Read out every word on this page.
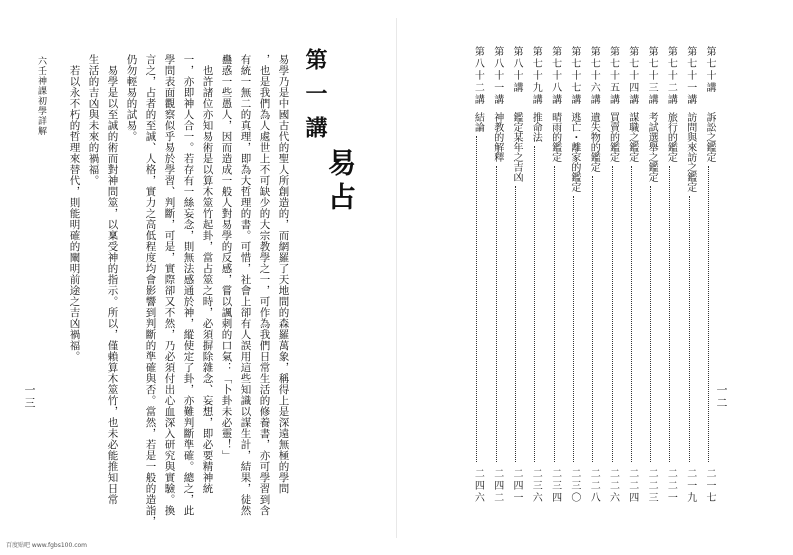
第一講
易占
易學乃是中國古代的聖人所創造的，而網羅了天地間的森羅萬象，稱得上是深遠無極的學問
，也是我們為人處世上不可缺少的大宗教學之一，可作為我們日常生活的修養書，亦可學習到含
有統一無二的真理，即為大哲理的書。可惜，社會上卻有人誤用這些知識以謀生計，結果，徒然
蠱惑一些愚人，因而造成一般人對易學的反感，嘗以諷刺的口氣：「卜卦未必靈！」
　也許諸位亦知易術是以算木筮竹起卦，當占筮之時，必須摒除雜念、妄想，即必要精神統
一，亦即神人合一。若存有一絲妄念，則無法感通於神，縱使定了卦，亦難判斷準確。總之，此
學問表面觀察似乎易於學習、判斷，可是，實際卻又不然，乃必須付出心血深入研究與實驗。換
言之，占者的至誠、人格，實力之高低程度均會影響到判斷的準確與否。當然，若是一般的造詣，
仍勿輕易的試易。
　易學是以至誠的術而對神問筮，以稟受神的指示。所以，僅賴算木筮竹，也未必能推知日常
生活的吉凶與未來的禍福。
　若以永不朽的哲理來替代，則能明確的闡明前途之吉凶禍福。
六壬神課初學詳解
一三	一二
第七十講
訴訟之鑑定
二一七
第七十一講
訪問與來訪之鑑定
二一九
第七十二講
旅行的鑑定
二二一
第七十三講
考試選舉之鑑定
二二三
第七十四講
謀職之鑑定
二二四
第七十五講
買賣的鑑定
二二六
第七十六講
遺失物的鑑定
二二八
第七十七講
逃亡・離家的鑑定
二三〇
第七十八講
晴雨的鑑定
二三四
第七十九講
推命法
二三六
第八十講
鑑定某年之吉凶
二四一
第八十一講
神教的解釋
二四二
第八十二講
結論
二四六
百度贴吧 www.fgbs100.com
